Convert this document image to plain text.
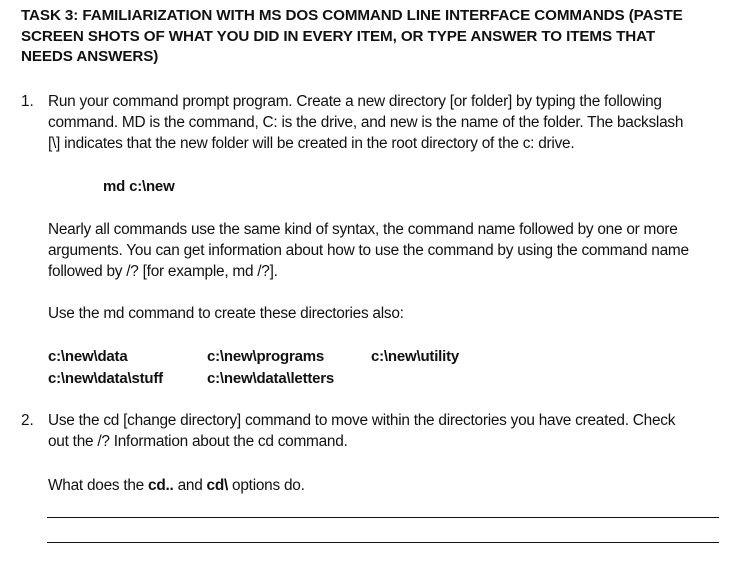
TASK 3: FAMILIARIZATION WITH MS DOS COMMAND LINE INTERFACE COMMANDS (PASTE
SCREEN SHOTS OF WHAT YOU DID IN EVERY ITEM, OR TYPE ANSWER TO ITEMS THAT
NEEDS ANSWERS)
1. Run your command prompt program. Create a new directory [or folder] by typing the following
command. MD is the command, C: is the drive, and new is the name of the folder. The backslash
[\] indicates that the new folder will be created in the root directory of the c: drive.
md c:\new
Nearly all commands use the same kind of syntax, the command name followed by one or more
arguments. You can get information about how to use the command by using the command name
followed by /? [for example, md /?].
Use the md command to create these directories also:
c:\new\data	c:\new\programs	c:\new\utility
c:\new\data\stuff	c:\new\data\letters
2. Use the cd [change directory] command to move within the directories you have created. Check
out the /? Information about the cd command.
What does the cd.. and cd\ options do.
